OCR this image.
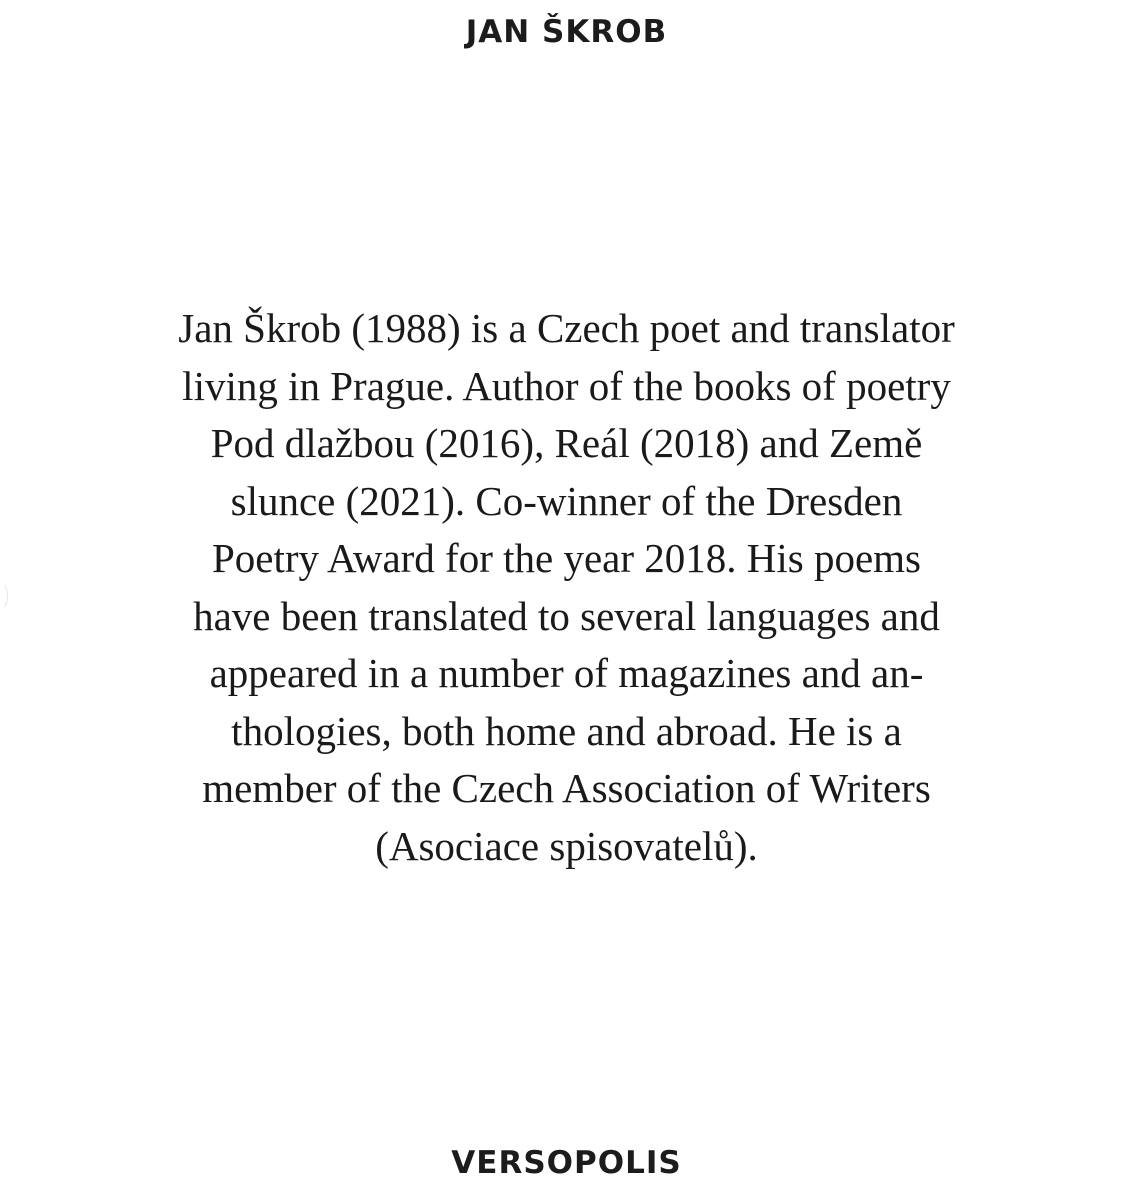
JAN ŠKROB
Jan Škrob (1988) is a Czech poet and translator
living in Prague. Author of the books of poetry
Pod dlažbou (2016), Reál (2018) and Země
slunce (2021). Co-winner of the Dresden
Poetry Award for the year 2018. His poems
have been translated to several languages and
appeared in a number of magazines and an-
thologies, both home and abroad. He is a
member of the Czech Association of Writers
(Asociace spisovatelů).
VERSOPOLIS
